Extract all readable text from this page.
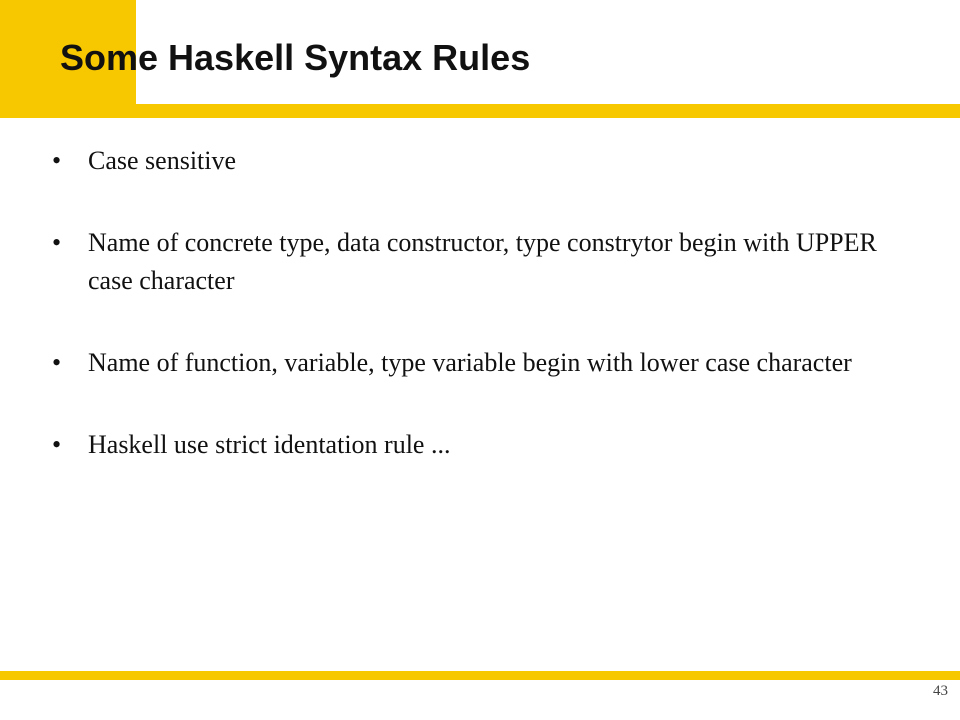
Some Haskell Syntax Rules
• Case sensitive
• Name of concrete type, data constructor, type constrytor begin with UPPER case character
• Name of function, variable, type variable begin with lower case character
• Haskell use strict identation rule ...
43
